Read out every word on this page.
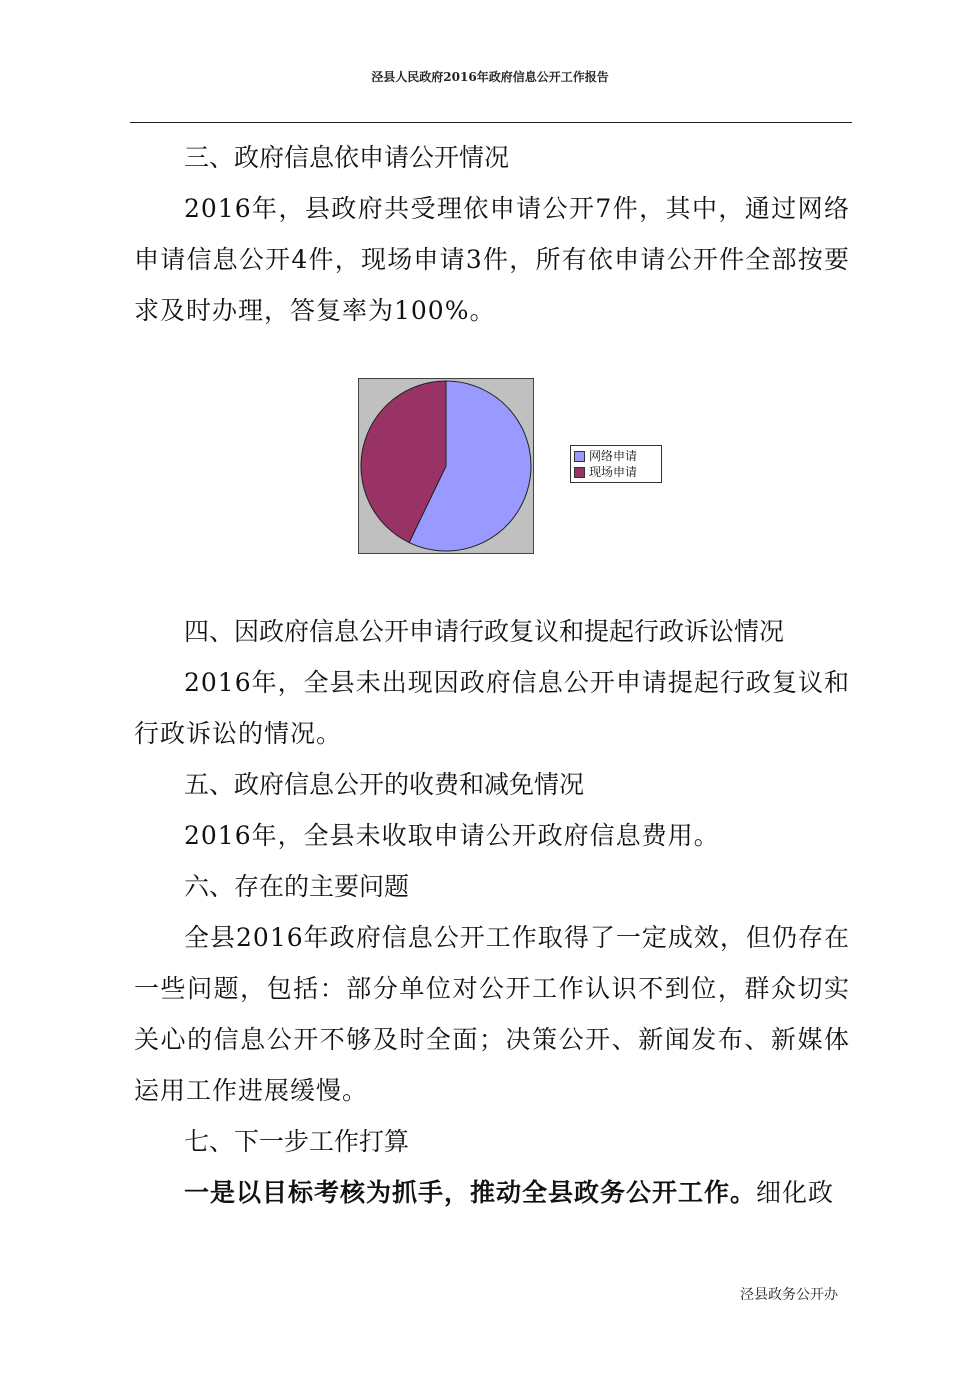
泾县人民政府2016年政府信息公开工作报告
三、政府信息依申请公开情况
2016年，县政府共受理依申请公开7件，其中，通过网络申请信息公开4件，现场申请3件，所有依申请公开件全部按要求及时办理，答复率为100%。
网络申请
现场申请
四、因政府信息公开申请行政复议和提起行政诉讼情况
2016年，全县未出现因政府信息公开申请提起行政复议和行政诉讼的情况。
五、政府信息公开的收费和减免情况
2016年，全县未收取申请公开政府信息费用。
六、存在的主要问题
全县2016年政府信息公开工作取得了一定成效，但仍存在一些问题，包括：部分单位对公开工作认识不到位，群众切实关心的信息公开不够及时全面；决策公开、新闻发布、新媒体运用工作进展缓慢。
七、下一步工作打算
一是以目标考核为抓手，推动全县政务公开工作。细化政
泾县政务公开办
